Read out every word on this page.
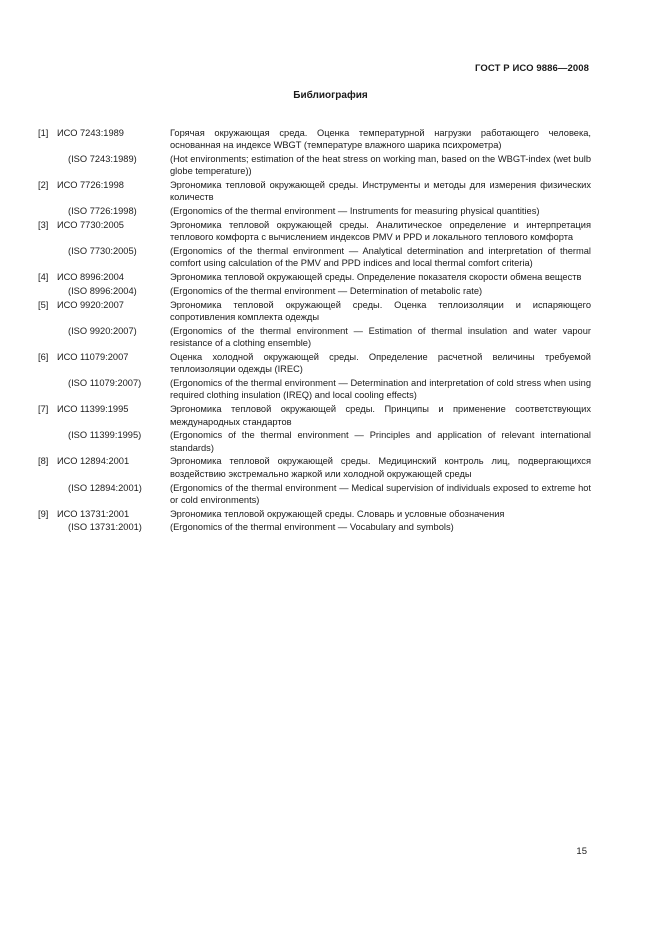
ГОСТ Р ИСО 9886—2008
Библиография
[1] ИСО 7243:1989	Горячая окружающая среда. Оценка температурной нагрузки работающего человека, основанная на индексе WBGT (температуре влажного шарика психрометра)
(ISO 7243:1989)	(Hot environments; estimation of the heat stress on working man, based on the WBGT-index (wet bulb globe temperature))
[2] ИСО 7726:1998	Эргономика тепловой окружающей среды. Инструменты и методы для измерения физических количеств
(ISO 7726:1998)	(Ergonomics of the thermal environment — Instruments for measuring physical quantities)
[3] ИСО 7730:2005	Эргономика тепловой окружающей среды. Аналитическое определение и интерпретация теплового комфорта с вычислением индексов PMV и PPD и локального теплового комфорта
(ISO 7730:2005)	(Ergonomics of the thermal environment — Analytical determination and interpretation of thermal comfort using calculation of the PMV and PPD indices and local thermal comfort criteria)
[4] ИСО 8996:2004	Эргономика тепловой окружающей среды. Определение показателя скорости обмена веществ
(ISO 8996:2004)	(Ergonomics of the thermal environment — Determination of metabolic rate)
[5] ИСО 9920:2007	Эргономика тепловой окружающей среды. Оценка теплоизоляции и испаряющего сопротивления комплекта одежды
(ISO 9920:2007)	(Ergonomics of the thermal environment — Estimation of thermal insulation and water vapour resistance of a clothing ensemble)
[6] ИСО 11079:2007	Оценка холодной окружающей среды. Определение расчетной величины требуемой теплоизоляции одежды (IREC)
(ISO 11079:2007)	(Ergonomics of the thermal environment — Determination and interpretation of cold stress when using required clothing insulation (IREQ) and local cooling effects)
[7] ИСО 11399:1995	Эргономика тепловой окружающей среды. Принципы и применение соответствующих международных стандартов
(ISO 11399:1995)	(Ergonomics of the thermal environment — Principles and application of relevant international standards)
[8] ИСО 12894:2001	Эргономика тепловой окружающей среды. Медицинский контроль лиц, подвергающихся воздействию экстремально жаркой или холодной окружающей среды
(ISO 12894:2001)	(Ergonomics of the thermal environment — Medical supervision of individuals exposed to extreme hot or cold environments)
[9] ИСО 13731:2001	Эргономика тепловой окружающей среды. Словарь и условные обозначения
(ISO 13731:2001)	(Ergonomics of the thermal environment — Vocabulary and symbols)
15
